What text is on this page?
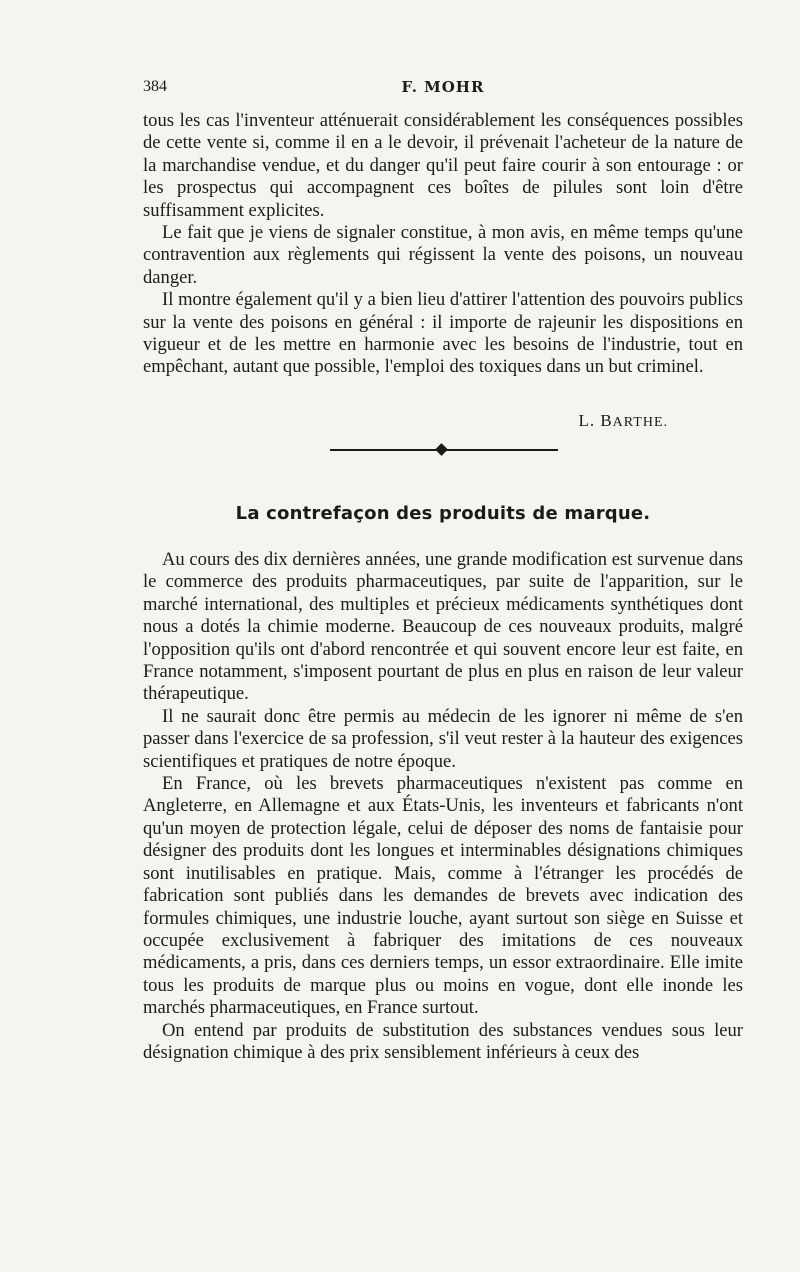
384	F. MOHR

tous les cas l'inventeur atténuerait considérablement les conséquences possibles de cette vente si, comme il en a le devoir, il prévenait l'acheteur de la nature de la marchandise vendue, et du danger qu'il peut faire courir à son entourage : or les prospectus qui accompagnent ces boîtes de pilules sont loin d'être suffisamment explicites.

Le fait que je viens de signaler constitue, à mon avis, en même temps qu'une contravention aux règlements qui régissent la vente des poisons, un nouveau danger.

Il montre également qu'il y a bien lieu d'attirer l'attention des pouvoirs publics sur la vente des poisons en général : il importe de rajeunir les dispositions en vigueur et de les mettre en harmonie avec les besoins de l'industrie, tout en empêchant, autant que possible, l'emploi des toxiques dans un but criminel.

L. BARTHE.
La contrefaçon des produits de marque.

Au cours des dix dernières années, une grande modification est survenue dans le commerce des produits pharmaceutiques, par suite de l'apparition, sur le marché international, des multiples et précieux médicaments synthétiques dont nous a dotés la chimie moderne. Beaucoup de ces nouveaux produits, malgré l'opposition qu'ils ont d'abord rencontrée et qui souvent encore leur est faite, en France notamment, s'imposent pourtant de plus en plus en raison de leur valeur thérapeutique.

Il ne saurait donc être permis au médecin de les ignorer ni même de s'en passer dans l'exercice de sa profession, s'il veut rester à la hauteur des exigences scientifiques et pratiques de notre époque.

En France, où les brevets pharmaceutiques n'existent pas comme en Angleterre, en Allemagne et aux États-Unis, les inventeurs et fabricants n'ont qu'un moyen de protection légale, celui de déposer des noms de fantaisie pour désigner des produits dont les longues et interminables désignations chimiques sont inutilisables en pratique. Mais, comme à l'étranger les procédés de fabrication sont publiés dans les demandes de brevets avec indication des formules chimiques, une industrie louche, ayant surtout son siège en Suisse et occupée exclusivement à fabriquer des imitations de ces nouveaux médicaments, a pris, dans ces derniers temps, un essor extraordinaire. Elle imite tous les produits de marque plus ou moins en vogue, dont elle inonde les marchés pharmaceutiques, en France surtout.

On entend par produits de substitution des substances vendues sous leur désignation chimique à des prix sensiblement inférieurs à ceux des
